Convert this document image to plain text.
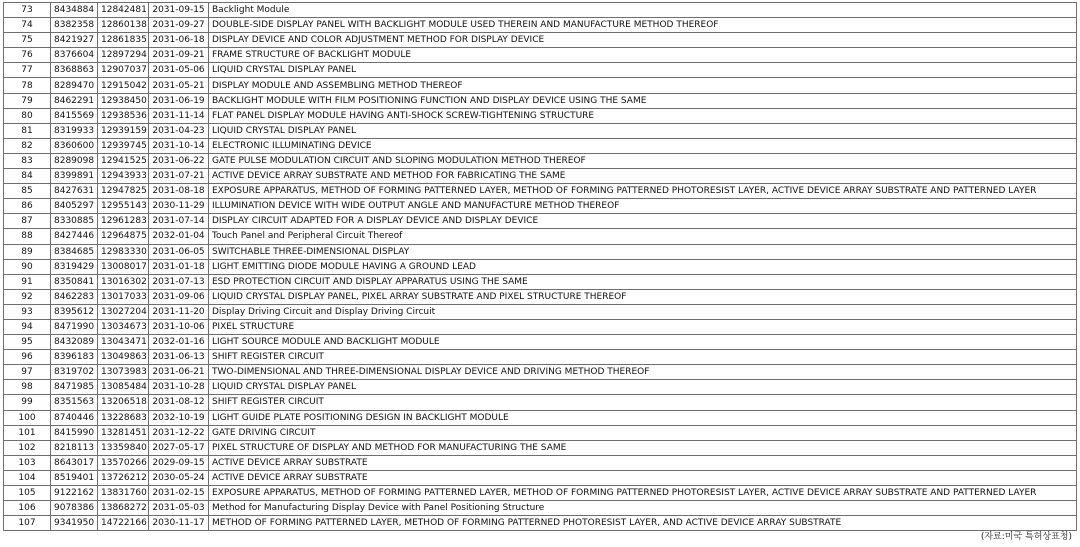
73	8434884	12842481	2031-09-15	Backlight Module
74	8382358	12860138	2031-09-27	DOUBLE-SIDE DISPLAY PANEL WITH BACKLIGHT MODULE USED THEREIN AND MANUFACTURE METHOD THEREOF
75	8421927	12861835	2031-06-18	DISPLAY DEVICE AND COLOR ADJUSTMENT METHOD FOR DISPLAY DEVICE
76	8376604	12897294	2031-09-21	FRAME STRUCTURE OF BACKLIGHT MODULE
77	8368863	12907037	2031-05-06	LIQUID CRYSTAL DISPLAY PANEL
78	8289470	12915042	2031-05-21	DISPLAY MODULE AND ASSEMBLING METHOD THEREOF
79	8462291	12938450	2031-06-19	BACKLIGHT MODULE WITH FILM POSITIONING FUNCTION AND DISPLAY DEVICE USING THE SAME
80	8415569	12938536	2031-11-14	FLAT PANEL DISPLAY MODULE HAVING ANTI-SHOCK SCREW-TIGHTENING STRUCTURE
81	8319933	12939159	2031-04-23	LIQUID CRYSTAL DISPLAY PANEL
82	8360600	12939745	2031-10-14	ELECTRONIC ILLUMINATING DEVICE
83	8289098	12941525	2031-06-22	GATE PULSE MODULATION CIRCUIT AND SLOPING MODULATION METHOD THEREOF
84	8399891	12943933	2031-07-21	ACTIVE DEVICE ARRAY SUBSTRATE AND METHOD FOR FABRICATING THE SAME
85	8427631	12947825	2031-08-18	EXPOSURE APPARATUS, METHOD OF FORMING PATTERNED LAYER, METHOD OF FORMING PATTERNED PHOTORESIST LAYER, ACTIVE DEVICE ARRAY SUBSTRATE AND PATTERNED LAYER
86	8405297	12955143	2030-11-29	ILLUMINATION DEVICE WITH WIDE OUTPUT ANGLE AND MANUFACTURE METHOD THEREOF
87	8330885	12961283	2031-07-14	DISPLAY CIRCUIT ADAPTED FOR A DISPLAY DEVICE AND DISPLAY DEVICE
88	8427446	12964875	2032-01-04	Touch Panel and Peripheral Circuit Thereof
89	8384685	12983330	2031-06-05	SWITCHABLE THREE-DIMENSIONAL DISPLAY
90	8319429	13008017	2031-01-18	LIGHT EMITTING DIODE MODULE HAVING A GROUND LEAD
91	8350841	13016302	2031-07-13	ESD PROTECTION CIRCUIT AND DISPLAY APPARATUS USING THE SAME
92	8462283	13017033	2031-09-06	LIQUID CRYSTAL DISPLAY PANEL, PIXEL ARRAY SUBSTRATE AND PIXEL STRUCTURE THEREOF
93	8395612	13027204	2031-11-20	Display Driving Circuit and Display Driving Circuit
94	8471990	13034673	2031-10-06	PIXEL STRUCTURE
95	8432089	13043471	2032-01-16	LIGHT SOURCE MODULE AND BACKLIGHT MODULE
96	8396183	13049863	2031-06-13	SHIFT REGISTER CIRCUIT
97	8319702	13073983	2031-06-21	TWO-DIMENSIONAL AND THREE-DIMENSIONAL DISPLAY DEVICE AND DRIVING METHOD THEREOF
98	8471985	13085484	2031-10-28	LIQUID CRYSTAL DISPLAY PANEL
99	8351563	13206518	2031-08-12	SHIFT REGISTER CIRCUIT
100	8740446	13228683	2032-10-19	LIGHT GUIDE PLATE POSITIONING DESIGN IN BACKLIGHT MODULE
101	8415990	13281451	2031-12-22	GATE DRIVING CIRCUIT
102	8218113	13359840	2027-05-17	PIXEL STRUCTURE OF DISPLAY AND METHOD FOR MANUFACTURING THE SAME
103	8643017	13570266	2029-09-15	ACTIVE DEVICE ARRAY SUBSTRATE
104	8519401	13726212	2030-05-24	ACTIVE DEVICE ARRAY SUBSTRATE
105	9122162	13831760	2031-02-15	EXPOSURE APPARATUS, METHOD OF FORMING PATTERNED LAYER, METHOD OF FORMING PATTERNED PHOTORESIST LAYER, ACTIVE DEVICE ARRAY SUBSTRATE AND PATTERNED LAYER
106	9078386	13868272	2031-05-03	Method for Manufacturing Display Device with Panel Positioning Structure
107	9341950	14722166	2030-11-17	METHOD OF FORMING PATTERNED LAYER, METHOD OF FORMING PATTERNED PHOTORESIST LAYER, AND ACTIVE DEVICE ARRAY SUBSTRATE
(자료:미국 특허상표청)
